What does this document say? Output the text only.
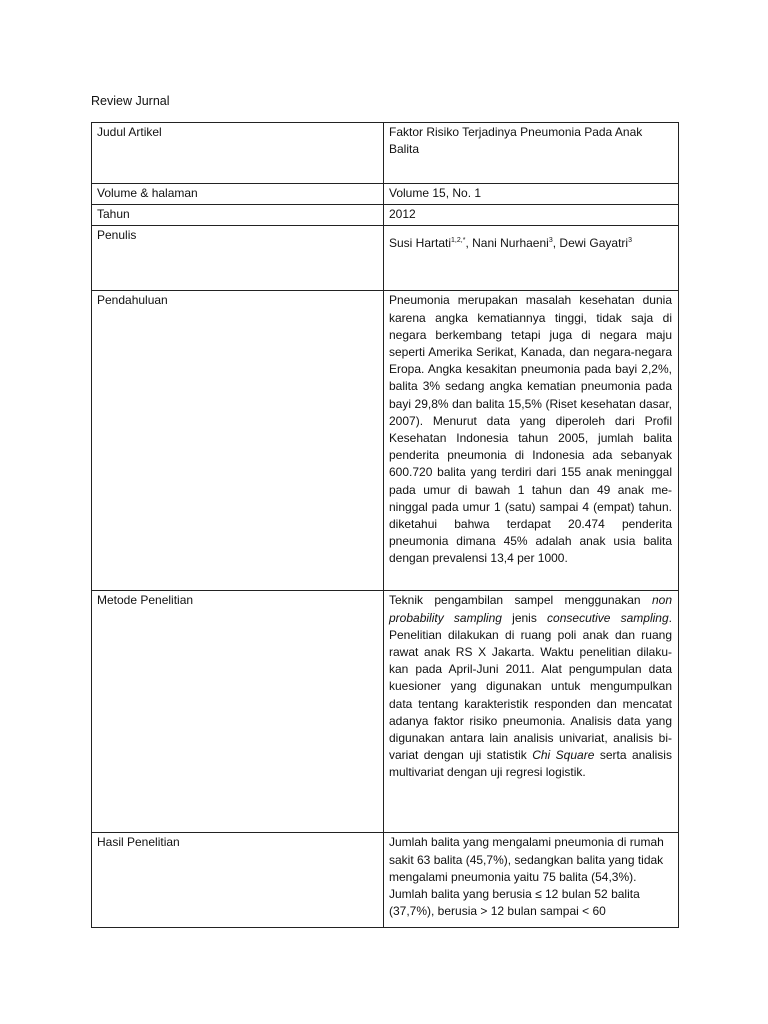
Review Jurnal
Judul Artikel	Faktor Risiko Terjadinya Pneumonia Pada Anak Balita
Volume & halaman	Volume 15, No. 1
Tahun	2012
Penulis	Susi Hartati$^{1,2,*}$, Nani Nurhaeni$^3$, Dewi Gayatri$^3$
Pendahuluan	Pneumonia merupakan masalah kesehatan dunia karena angka kematiannya tinggi, tidak saja di negara berkembang tetapi juga di negara maju seperti Amerika Serikat, Kanada, dan negara-negara Eropa. Angka kesakitan pneumonia pada bayi 2,2%, balita 3% sedang angka kematian pneumonia pada bayi 29,8% dan balita 15,5% (Riset kesehatan dasar, 2007). Menurut data yang diperoleh dari Profil Kesehatan Indonesia tahun 2005, jumlah balita penderita pneumonia di Indonesia ada sebanyak 600.720 balita yang terdiri dari 155 anak meninggal pada umur di bawah 1 tahun dan 49 anak me- ninggal pada umur 1 (satu) sampai 4 (empat) tahun. diketahui bahwa terdapat 20.474 penderita pneumonia dimana 45% adalah anak usia balita dengan prevalensi 13,4 per 1000.
Metode Penelitian	Teknik pengambilan sampel menggunakan non probability sampling jenis consecutive sampling. Penelitian dilakukan di ruang poli anak dan ruang rawat anak RS X Jakarta. Waktu penelitian dilaku-kan pada April-Juni 2011. Alat pengumpulan data kuesioner yang digunakan untuk mengumpulkan data tentang karakteristik responden dan mencatat adanya faktor risiko pneumonia. Analisis data yang digunakan antara lain analisis univariat, analisis bi- variat dengan uji statistik Chi Square serta analisis multivariat dengan uji regresi logistik.
Hasil Penelitian	Jumlah balita yang mengalami pneumonia di rumah sakit 63 balita (45,7%), sedangkan balita yang tidak mengalami pneumonia yaitu 75 balita (54,3%). Jumlah balita yang berusia ≤ 12 bulan 52 balita (37,7%), berusia > 12 bulan sampai < 60
